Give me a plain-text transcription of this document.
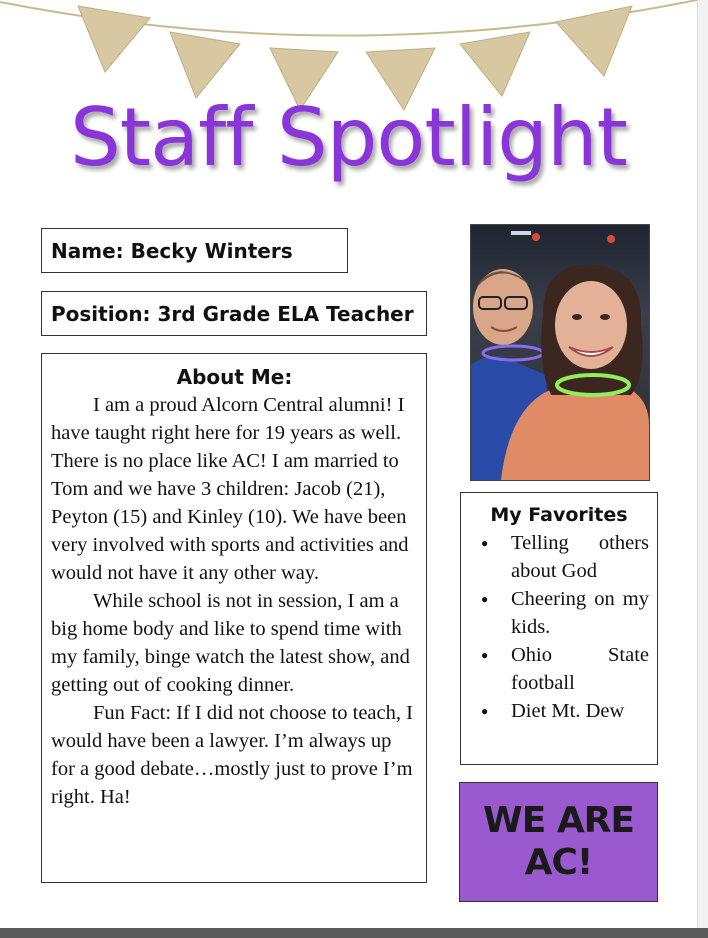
Staff Spotlight
Name: Becky Winters
Position: 3rd Grade ELA Teacher
About Me:

I am a proud Alcorn Central alumni! I have taught right here for 19 years as well. There is no place like AC! I am married to Tom and we have 3 children: Jacob (21), Peyton (15) and Kinley (10). We have been very involved with sports and activities and would not have it any other way.

While school is not in session, I am a big home body and like to spend time with my family, binge watch the latest show, and getting out of cooking dinner.

Fun Fact: If I did not choose to teach, I would have been a lawyer. I’m always up for a good debate…mostly just to prove I’m right. Ha!

My Favorites
● Telling others about God
● Cheering on my kids.
● Ohio State football
● Diet Mt. Dew
WE ARE
AC!
